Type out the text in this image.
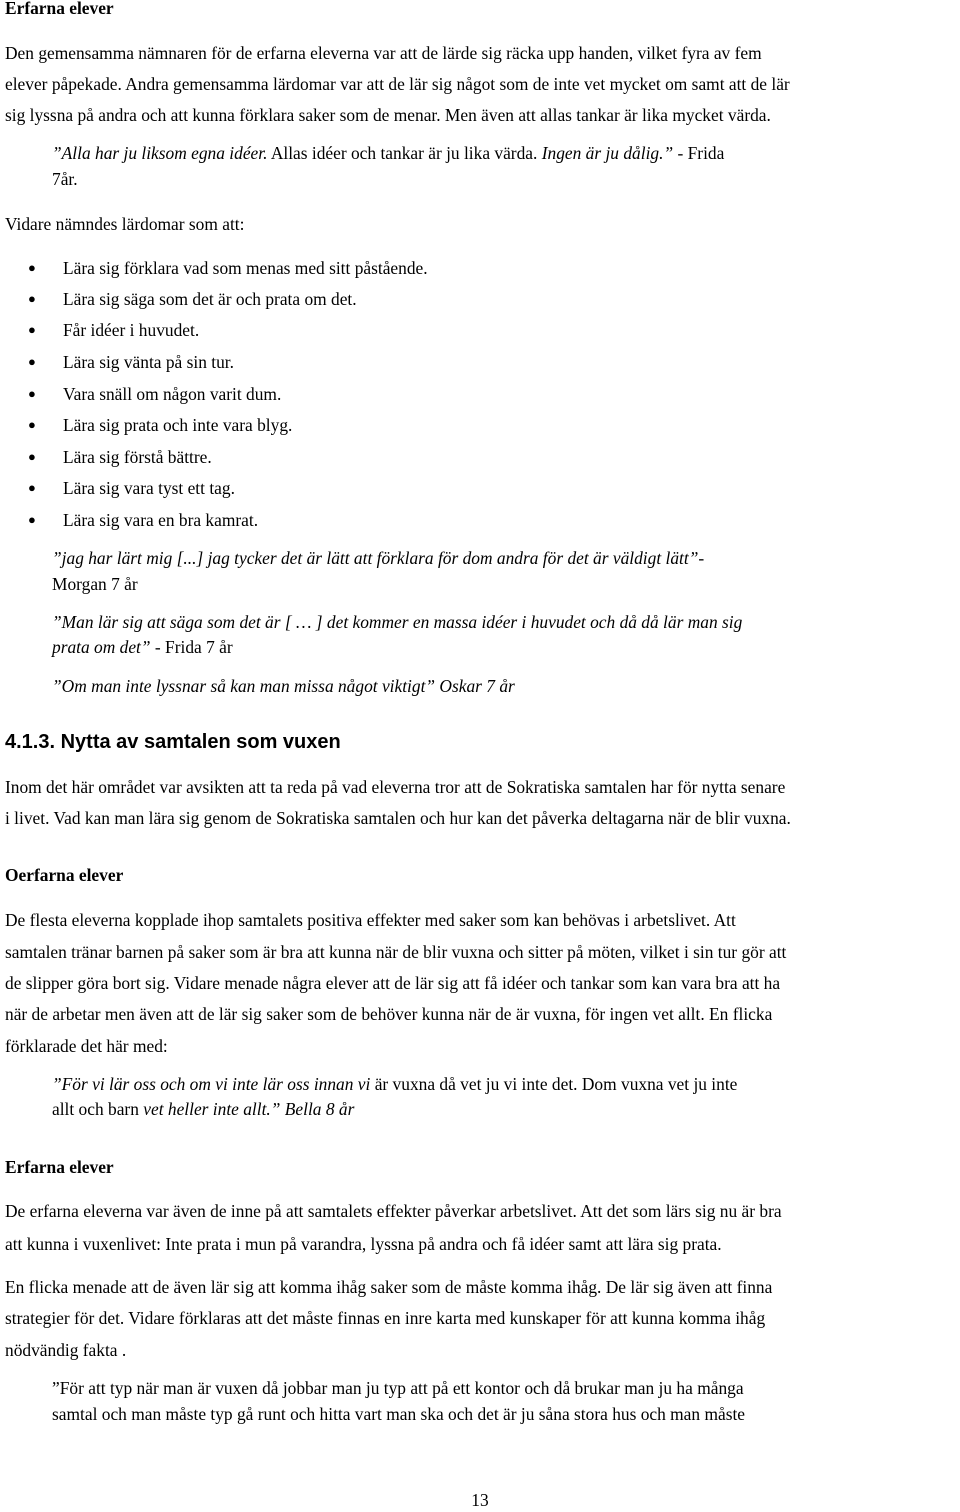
Erfarna elever
Den gemensamma nämnaren för de erfarna eleverna var att de lärde sig räcka upp handen, vilket fyra av fem
elever påpekade. Andra gemensamma lärdomar var att de lär sig något som de inte vet mycket om samt att de lär
sig lyssna på andra och att kunna förklara saker som de menar. Men även att allas tankar är lika mycket värda.
”Alla har ju liksom egna idéer. Allas idéer och tankar är ju lika värda. Ingen är ju dålig.” - Frida
7år.
Vidare nämndes lärdomar som att:
● Lära sig förklara vad som menas med sitt påstående.
● Lära sig säga som det är och prata om det.
● Får idéer i huvudet.
● Lära sig vänta på sin tur.
● Vara snäll om någon varit dum.
● Lära sig prata och inte vara blyg.
● Lära sig förstå bättre.
● Lära sig vara tyst ett tag.
● Lära sig vara en bra kamrat.
”jag har lärt mig [...] jag tycker det är lätt att förklara för dom andra för det är väldigt lätt”-
Morgan 7 år
”Man lär sig att säga som det är [ … ] det kommer en massa idéer i huvudet och då då lär man sig
prata om det” - Frida 7 år
”Om man inte lyssnar så kan man missa något viktigt” Oskar 7 år
4.1.3. Nytta av samtalen som vuxen
Inom det här området var avsikten att ta reda på vad eleverna tror att de Sokratiska samtalen har för nytta senare
i livet. Vad kan man lära sig genom de Sokratiska samtalen och hur kan det påverka deltagarna när de blir vuxna.
Oerfarna elever
De flesta eleverna kopplade ihop samtalets positiva effekter med saker som kan behövas i arbetslivet. Att
samtalen tränar barnen på saker som är bra att kunna när de blir vuxna och sitter på möten, vilket i sin tur gör att
de slipper göra bort sig. Vidare menade några elever att de lär sig att få idéer och tankar som kan vara bra att ha
när de arbetar men även att de lär sig saker som de behöver kunna när de är vuxna, för ingen vet allt. En flicka
förklarade det här med:
”För vi lär oss och om vi inte lär oss innan vi är vuxna då vet ju vi inte det. Dom vuxna vet ju inte
allt och barn vet heller inte allt.” Bella 8 år
Erfarna elever
De erfarna eleverna var även de inne på att samtalets effekter påverkar arbetslivet. Att det som lärs sig nu är bra
att kunna i vuxenlivet: Inte prata i mun på varandra, lyssna på andra och få idéer samt att lära sig prata.
En flicka menade att de även lär sig att komma ihåg saker som de måste komma ihåg. De lär sig även att finna
strategier för det. Vidare förklaras att det måste finnas en inre karta med kunskaper för att kunna komma ihåg
nödvändig fakta .
”För att typ när man är vuxen då jobbar man ju typ att på ett kontor och då brukar man ju ha många
samtal och man måste typ gå runt och hitta vart man ska och det är ju såna stora hus och man måste
13
